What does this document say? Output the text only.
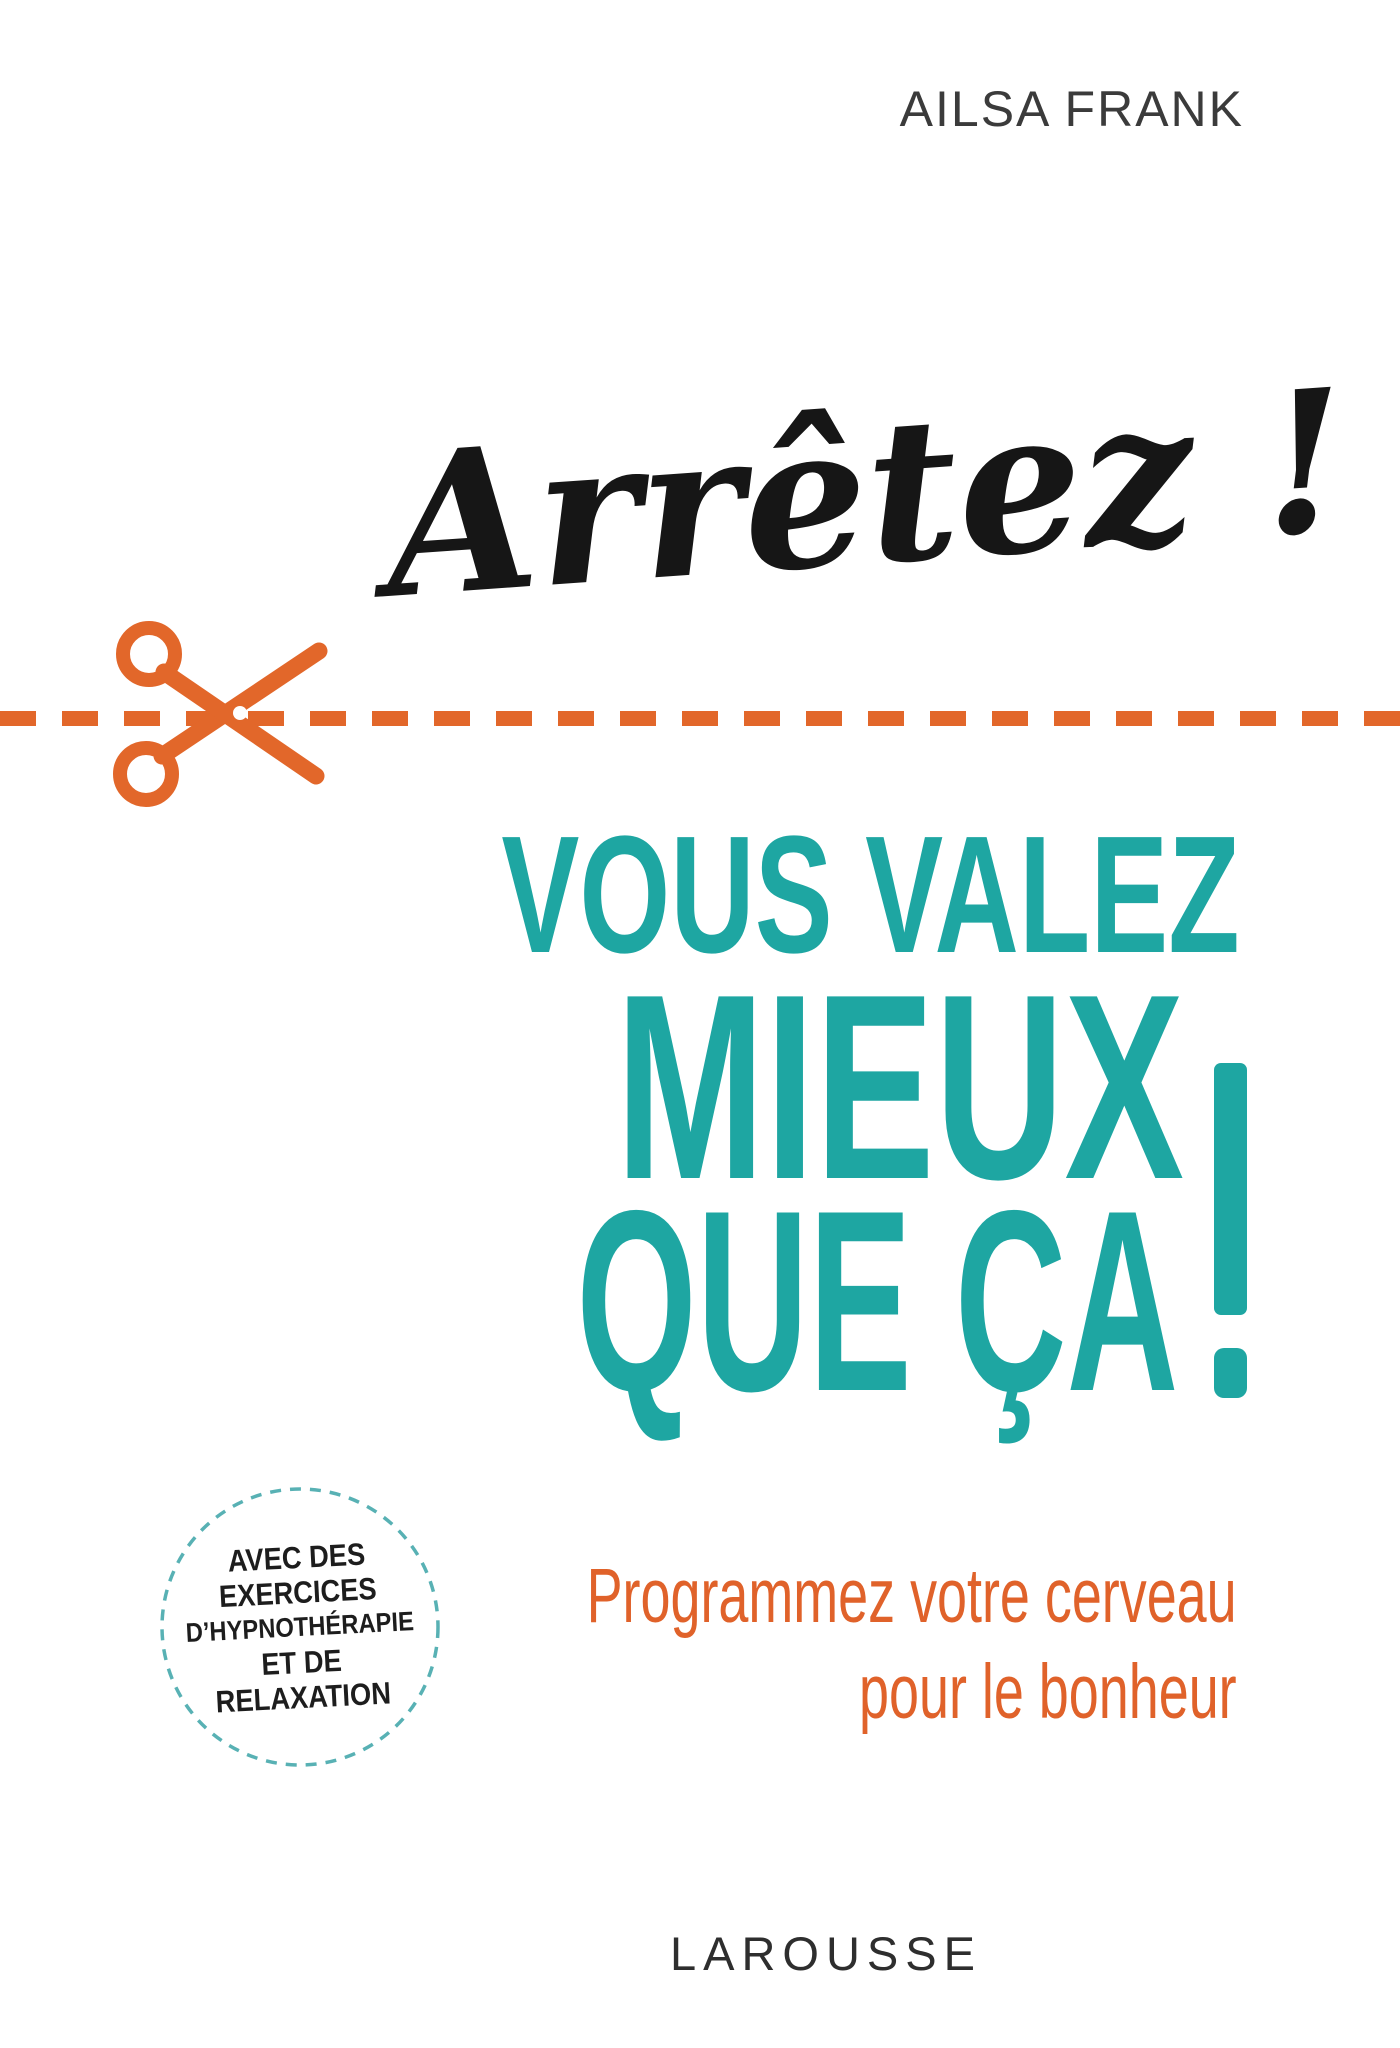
AILSA FRANK
Arrêtez !
VOUS VALEZ
MIEUX
QUE ÇA
AVEC DES
EXERCICES
D’HYPNOTHÉRAPIE
ET DE
RELAXATION
Programmez votre cerveau
pour le bonheur
LAROUSSE
